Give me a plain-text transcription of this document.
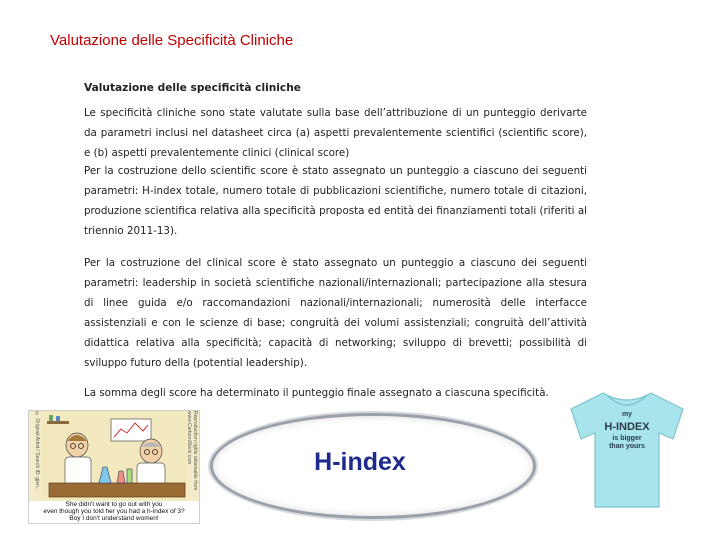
Valutazione delle Specificità Cliniche
Valutazione delle specificità cliniche

Le specificità cliniche sono state valutate sulla base dell’attribuzione di un punteggio derivarte da parametri inclusi nel datasheet circa (a) aspetti prevalentemente scientifici (scientific score), e (b) aspetti prevalentemente clinici (clinical score)

Per la costruzione dello scientific score è stato assegnato un punteggio a ciascuno dei seguenti parametri: H-index totale, numero totale di pubblicazioni scientifiche, numero totale di citazioni, produzione scientifica relativa alla specificità proposta ed entità dei finanziamenti totali (riferiti al triennio 2011-13).

Per la costruzione del clinical score è stato assegnato un punteggio a ciascuno dei seguenti parametri: leadership in società scientifiche nazionali/internazionali; partecipazione alla stesura di linee guida e/o raccomandazioni nazionali/internazionali; numerosità delle interfacce assistenziali e con le scienze di base; congruità dei volumi assistenziali; congruità dell’attività didattica relativa alla specificità; capacità di networking; sviluppo di brevetti; possibilità di sviluppo futuro della (potential leadership).

La somma degli score ha determinato il punteggio finale assegnato a ciascuna specificità.

© Original Artist / Search ID: gjen…	Reproduction rights obtainable from www.CartoonStock.com
She didn't want to go out with you
even though you told her you had a h-index of 3?
Boy I don't understand women!
H-index
my
H-INDEX
is bigger
than yours
